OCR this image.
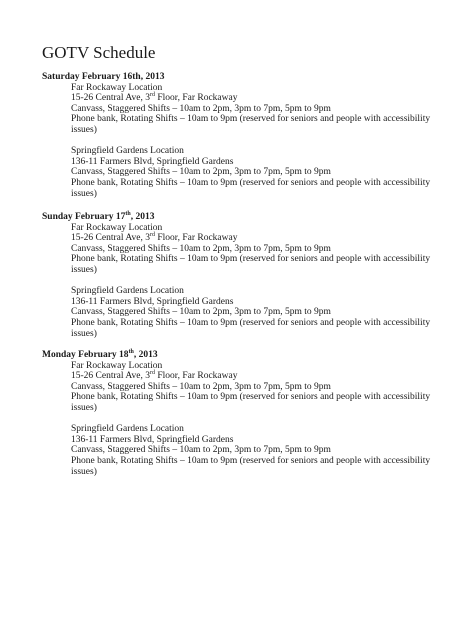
GOTV Schedule
Saturday February 16th, 2013
Far Rockaway Location
15-26 Central Ave, 3rd Floor, Far Rockaway
Canvass, Staggered Shifts – 10am to 2pm, 3pm to 7pm, 5pm to 9pm
Phone bank, Rotating Shifts – 10am to 9pm (reserved for seniors and people with accessibility issues)
Springfield Gardens Location
136-11 Farmers Blvd, Springfield Gardens
Canvass, Staggered Shifts – 10am to 2pm, 3pm to 7pm, 5pm to 9pm
Phone bank, Rotating Shifts – 10am to 9pm (reserved for seniors and people with accessibility issues)
Sunday February 17th, 2013
Far Rockaway Location
15-26 Central Ave, 3rd Floor, Far Rockaway
Canvass, Staggered Shifts – 10am to 2pm, 3pm to 7pm, 5pm to 9pm
Phone bank, Rotating Shifts – 10am to 9pm (reserved for seniors and people with accessibility issues)
Springfield Gardens Location
136-11 Farmers Blvd, Springfield Gardens
Canvass, Staggered Shifts – 10am to 2pm, 3pm to 7pm, 5pm to 9pm
Phone bank, Rotating Shifts – 10am to 9pm (reserved for seniors and people with accessibility issues)
Monday February 18th, 2013
Far Rockaway Location
15-26 Central Ave, 3rd Floor, Far Rockaway
Canvass, Staggered Shifts – 10am to 2pm, 3pm to 7pm, 5pm to 9pm
Phone bank, Rotating Shifts – 10am to 9pm (reserved for seniors and people with accessibility issues)
Springfield Gardens Location
136-11 Farmers Blvd, Springfield Gardens
Canvass, Staggered Shifts – 10am to 2pm, 3pm to 7pm, 5pm to 9pm
Phone bank, Rotating Shifts – 10am to 9pm (reserved for seniors and people with accessibility issues)
